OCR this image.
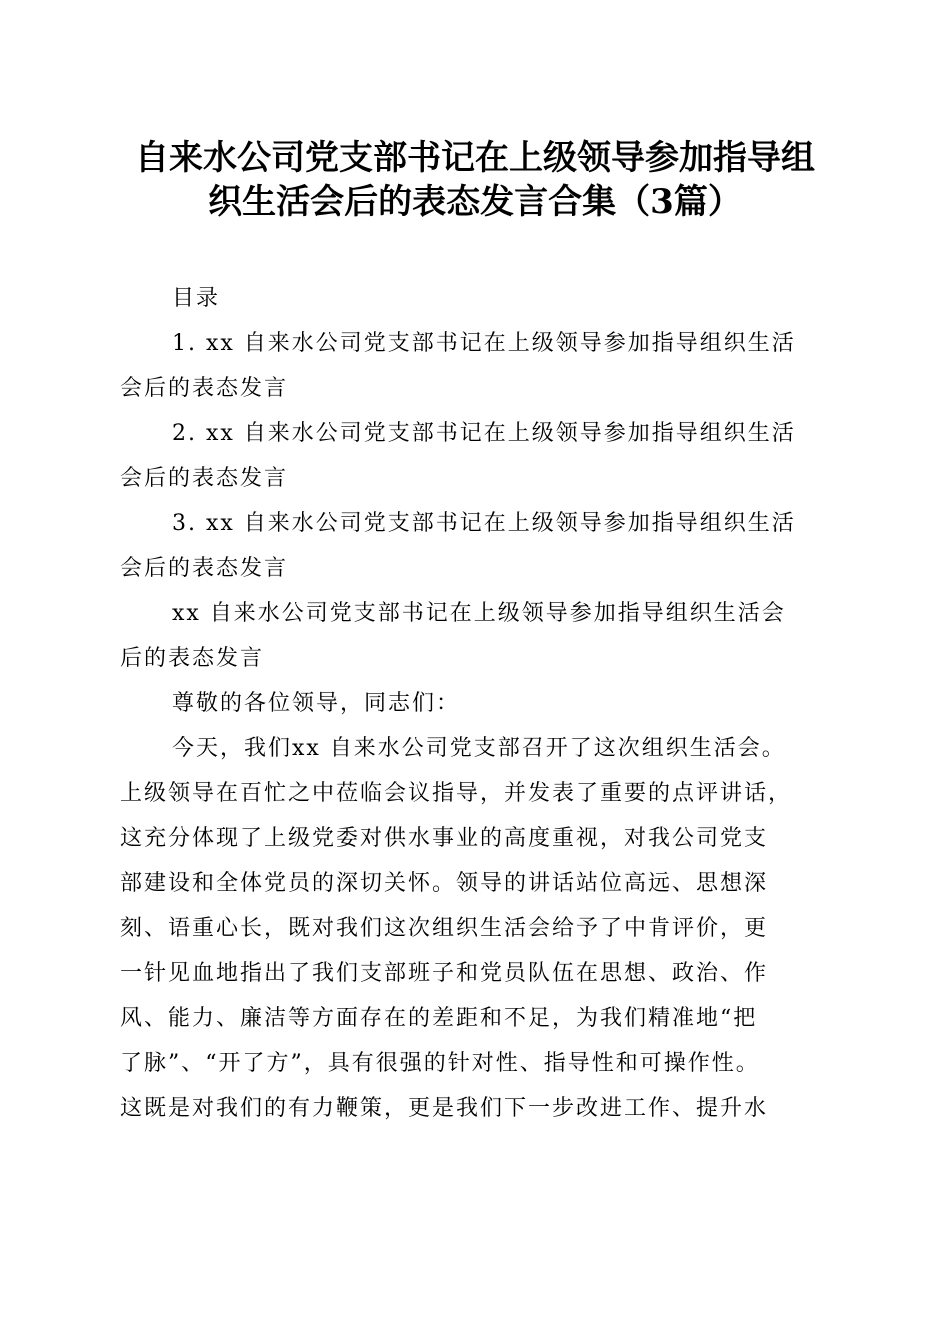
自来水公司党支部书记在上级领导参加指导组
织生活会后的表态发言合集（3篇）
目录
1. xx 自来水公司党支部书记在上级领导参加指导组织生活
会后的表态发言
2. xx 自来水公司党支部书记在上级领导参加指导组织生活
会后的表态发言
3. xx 自来水公司党支部书记在上级领导参加指导组织生活
会后的表态发言
xx 自来水公司党支部书记在上级领导参加指导组织生活会
后的表态发言
尊敬的各位领导，同志们：
今天，我们xx 自来水公司党支部召开了这次组织生活会。
上级领导在百忙之中莅临会议指导，并发表了重要的点评讲话，
这充分体现了上级党委对供水事业的高度重视，对我公司党支
部建设和全体党员的深切关怀。领导的讲话站位高远、思想深
刻、语重心长，既对我们这次组织生活会给予了中肯评价，更
一针见血地指出了我们支部班子和党员队伍在思想、政治、作
风、能力、廉洁等方面存在的差距和不足，为我们精准地“把
了脉”、“开了方”，具有很强的针对性、指导性和可操作性。
这既是对我们的有力鞭策，更是我们下一步改进工作、提升水
